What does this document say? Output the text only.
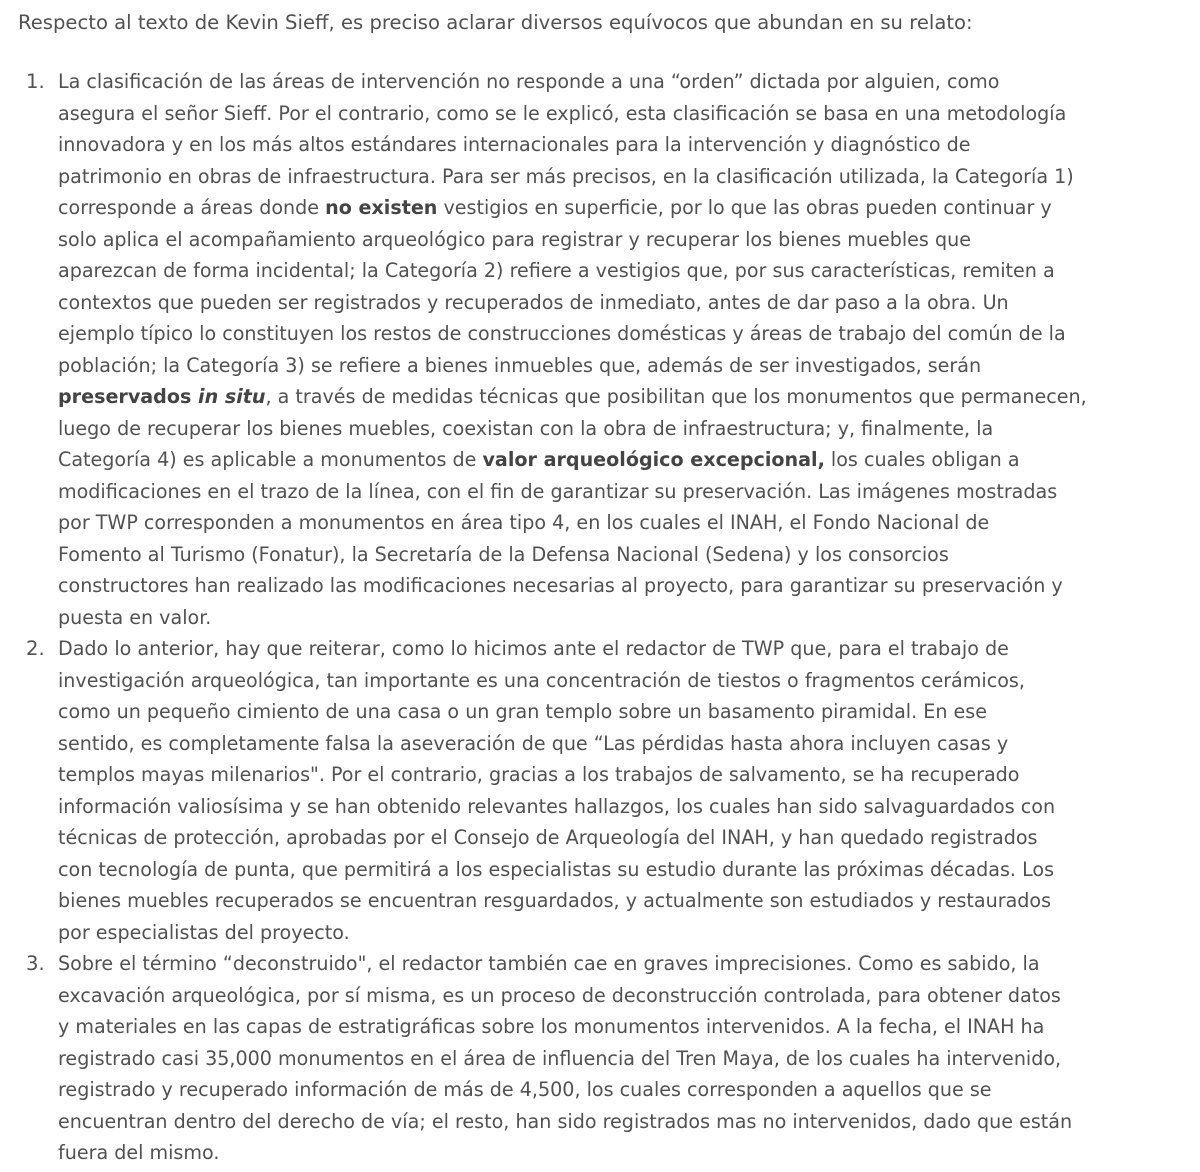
Respecto al texto de Kevin Sieff, es preciso aclarar diversos equívocos que abundan en su relato:

1. La clasificación de las áreas de intervención no responde a una “orden” dictada por alguien, como
asegura el señor Sieff. Por el contrario, como se le explicó, esta clasificación se basa en una metodología
innovadora y en los más altos estándares internacionales para la intervención y diagnóstico de
patrimonio en obras de infraestructura. Para ser más precisos, en la clasificación utilizada, la Categoría 1)
corresponde a áreas donde no existen vestigios en superficie, por lo que las obras pueden continuar y
solo aplica el acompañamiento arqueológico para registrar y recuperar los bienes muebles que
aparezcan de forma incidental; la Categoría 2) refiere a vestigios que, por sus características, remiten a
contextos que pueden ser registrados y recuperados de inmediato, antes de dar paso a la obra. Un
ejemplo típico lo constituyen los restos de construcciones domésticas y áreas de trabajo del común de la
población; la Categoría 3) se refiere a bienes inmuebles que, además de ser investigados, serán
preservados in situ, a través de medidas técnicas que posibilitan que los monumentos que permanecen,
luego de recuperar los bienes muebles, coexistan con la obra de infraestructura; y, finalmente, la
Categoría 4) es aplicable a monumentos de valor arqueológico excepcional, los cuales obligan a
modificaciones en el trazo de la línea, con el fin de garantizar su preservación. Las imágenes mostradas
por TWP corresponden a monumentos en área tipo 4, en los cuales el INAH, el Fondo Nacional de
Fomento al Turismo (Fonatur), la Secretaría de la Defensa Nacional (Sedena) y los consorcios
constructores han realizado las modificaciones necesarias al proyecto, para garantizar su preservación y
puesta en valor.
2. Dado lo anterior, hay que reiterar, como lo hicimos ante el redactor de TWP que, para el trabajo de
investigación arqueológica, tan importante es una concentración de tiestos o fragmentos cerámicos,
como un pequeño cimiento de una casa o un gran templo sobre un basamento piramidal. En ese
sentido, es completamente falsa la aseveración de que “Las pérdidas hasta ahora incluyen casas y
templos mayas milenarios". Por el contrario, gracias a los trabajos de salvamento, se ha recuperado
información valiosísima y se han obtenido relevantes hallazgos, los cuales han sido salvaguardados con
técnicas de protección, aprobadas por el Consejo de Arqueología del INAH, y han quedado registrados
con tecnología de punta, que permitirá a los especialistas su estudio durante las próximas décadas. Los
bienes muebles recuperados se encuentran resguardados, y actualmente son estudiados y restaurados
por especialistas del proyecto.
3. Sobre el término “deconstruido", el redactor también cae en graves imprecisiones. Como es sabido, la
excavación arqueológica, por sí misma, es un proceso de deconstrucción controlada, para obtener datos
y materiales en las capas de estratigráficas sobre los monumentos intervenidos. A la fecha, el INAH ha
registrado casi 35,000 monumentos en el área de influencia del Tren Maya, de los cuales ha intervenido,
registrado y recuperado información de más de 4,500, los cuales corresponden a aquellos que se
encuentran dentro del derecho de vía; el resto, han sido registrados mas no intervenidos, dado que están
fuera del mismo.
